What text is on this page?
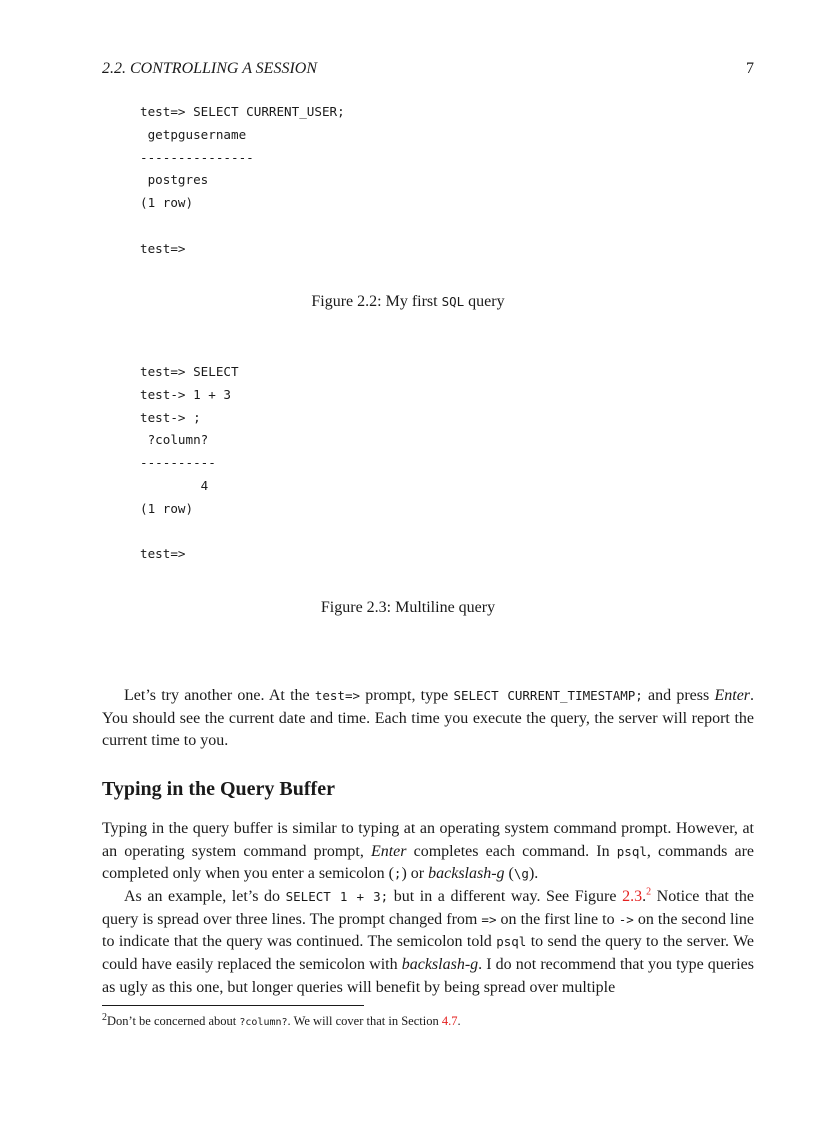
2.2. CONTROLLING A SESSION	7
test=> SELECT CURRENT_USER;
getpgusername
---------------
postgres
(1 row)

test=>
Figure 2.2: My first SQL query
test=> SELECT
test-> 1 + 3
test-> ;
?column?
----------
4
(1 row)

test=>
Figure 2.3: Multiline query

Let’s try another one. At the test=> prompt, type SELECT CURRENT_TIMESTAMP; and press Enter. You should see the current date and time. Each time you execute the query, the server will report the current time to you.

Typing in the Query Buffer

Typing in the query buffer is similar to typing at an operating system command prompt. However, at an operating system command prompt, Enter completes each command. In psql, commands are completed only when you enter a semicolon (;) or backslash-g (\g).

As an example, let’s do SELECT 1 + 3; but in a different way. See Figure 2.3.$^2$ Notice that the query is spread over three lines. The prompt changed from => on the first line to -> on the second line to indicate that the query was continued. The semicolon told psql to send the query to the server. We could have easily replaced the semicolon with backslash-g. I do not recommend that you type queries as ugly as this one, but longer queries will benefit by being spread over multiple

$^2$Don’t be concerned about ?column?. We will cover that in Section 4.7.
